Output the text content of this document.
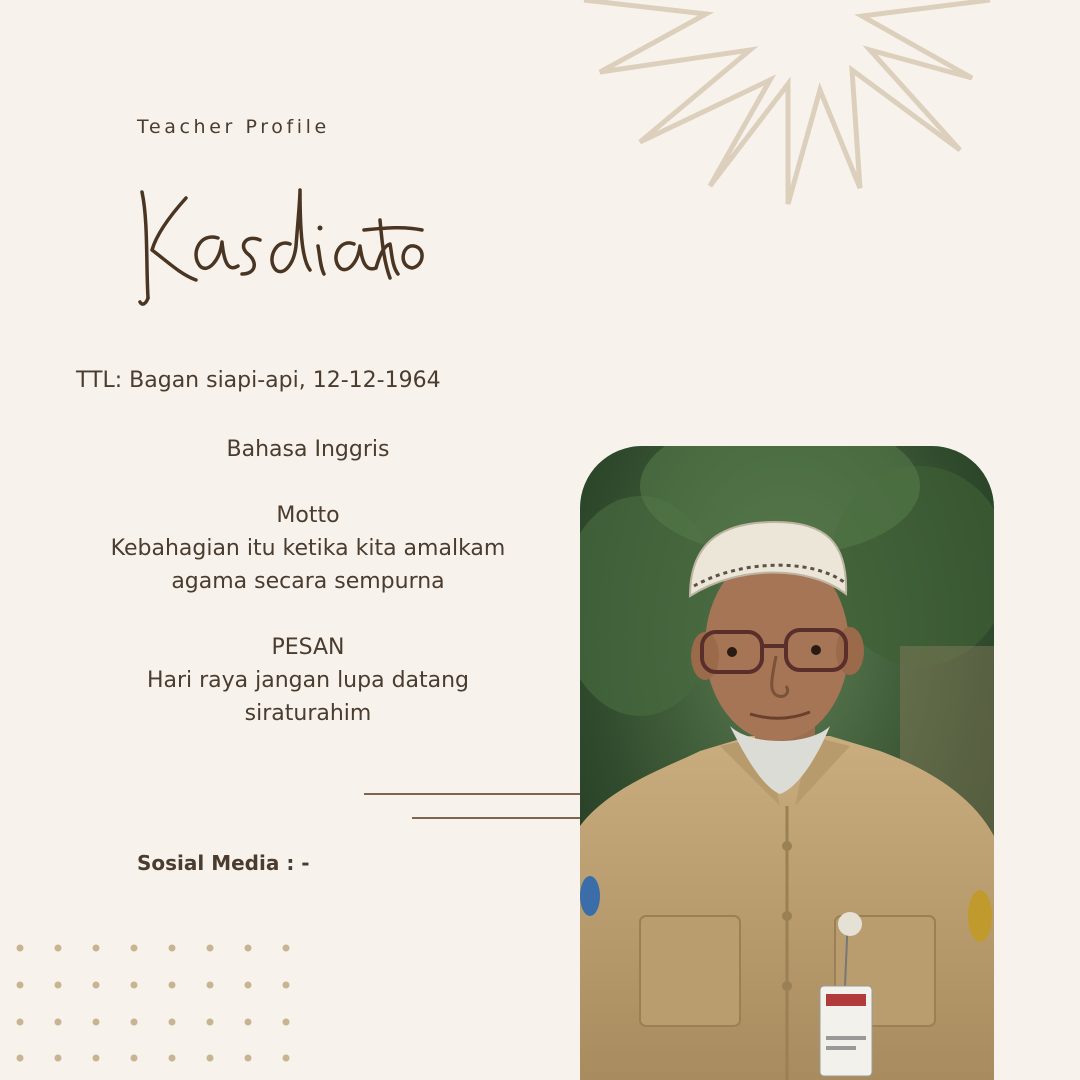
Teacher Profile
TTL: Bagan siapi-api, 12-12-1964
Bahasa Inggris
Motto
Kebahagian itu ketika kita amalkam
agama secara sempurna
PESAN
Hari raya jangan lupa datang
siraturahim
Sosial Media : -
